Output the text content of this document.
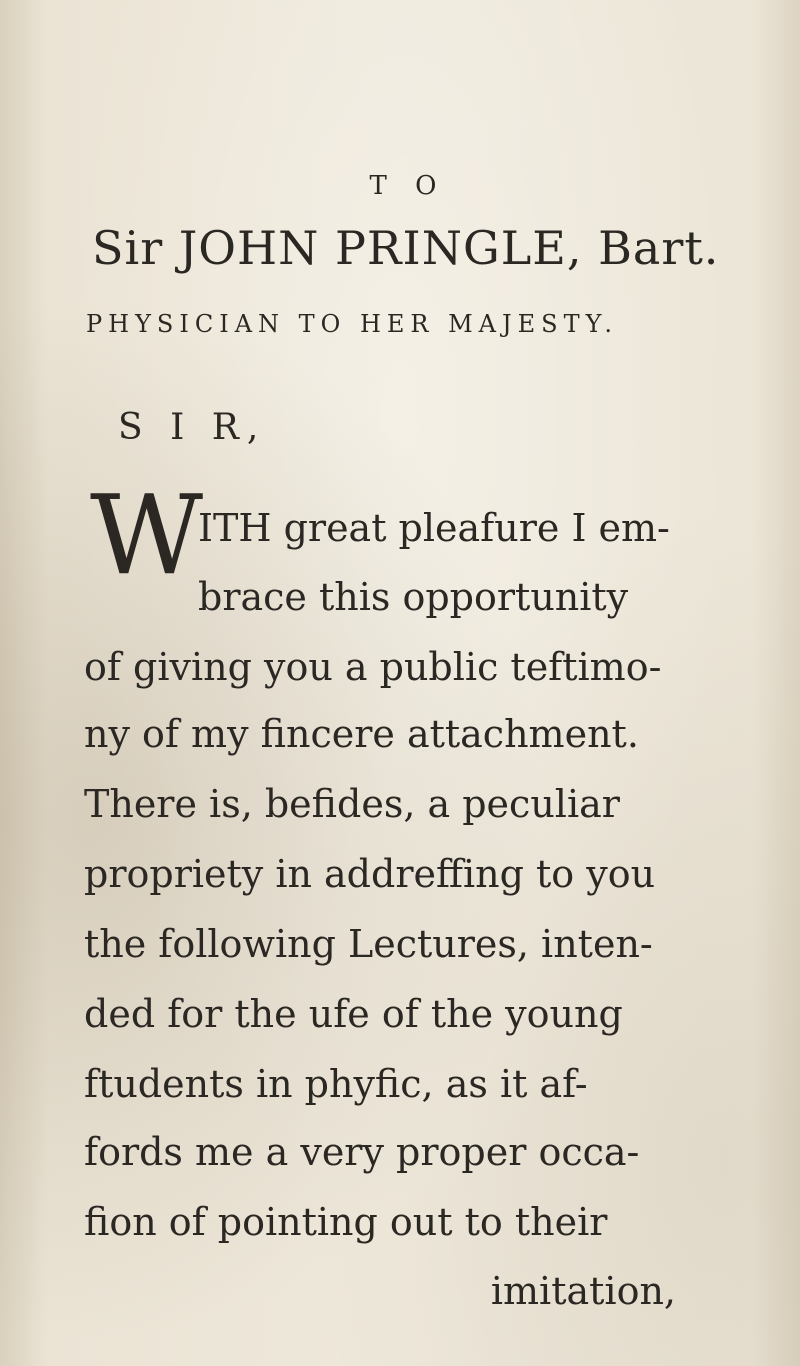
T O

Sir JOHN PRINGLE, Bart.

PHYSICIAN TO HER MAJESTY.

S I R,

W

ITH great pleafure I em-

brace this opportunity

of giving you a public teftimo-

ny of my fincere attachment.

There is, befides, a peculiar

propriety in addreffing to you

the following Lectures, inten-

ded for the ufe of the young

ftudents in phyfic, as it af-

fords me a very proper occa-

fion of pointing out to their

imitation,
